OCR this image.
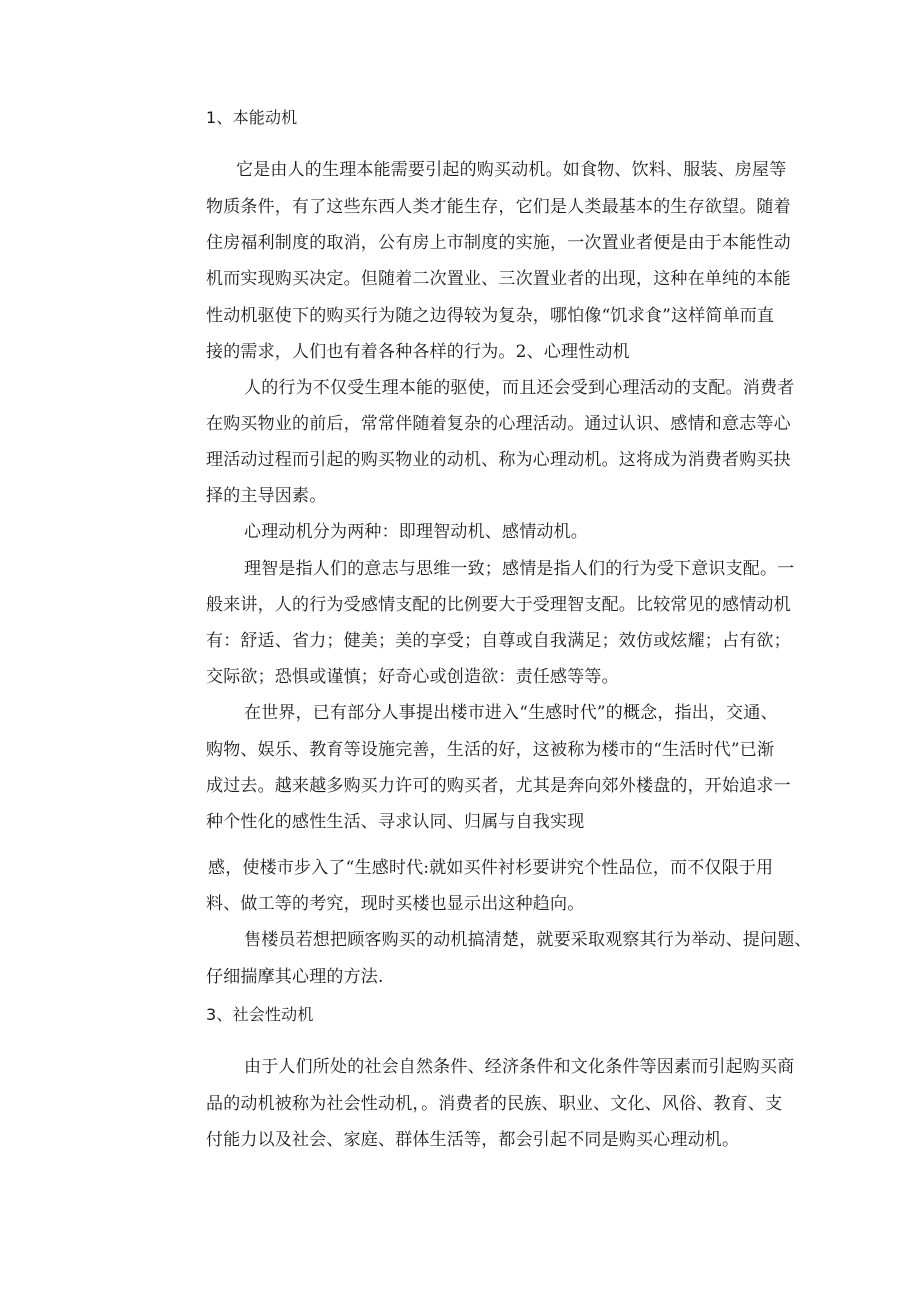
1、本能动机
它是由人的生理本能需要引起的购买动机。如食物、饮料、服装、房屋等
物质条件，有了这些东西人类才能生存，它们是人类最基本的生存欲望。随着
住房福利制度的取消，公有房上市制度的实施，一次置业者便是由于本能性动
机而实现购买决定。但随着二次置业、三次置业者的出现，这种在单纯的本能
性动机驱使下的购买行为随之边得较为复杂，哪怕像“饥求食”这样简单而直
接的需求，人们也有着各种各样的行为。2、心理性动机
人的行为不仅受生理本能的驱使，而且还会受到心理活动的支配。消费者
在购买物业的前后，常常伴随着复杂的心理活动。通过认识、感情和意志等心
理活动过程而引起的购买物业的动机、称为心理动机。这将成为消费者购买抉
择的主导因素。
心理动机分为两种：即理智动机、感情动机。
理智是指人们的意志与思维一致；感情是指人们的行为受下意识支配。一
般来讲，人的行为受感情支配的比例要大于受理智支配。比较常见的感情动机
有：舒适、省力；健美；美的享受；自尊或自我满足；效仿或炫耀；占有欲；
交际欲；恐惧或谨慎；好奇心或创造欲：责任感等等。
在世界，已有部分人事提出楼市进入“生感时代”的概念，指出，交通、
购物、娱乐、教育等设施完善，生活的好，这被称为楼市的“生活时代”已渐
成过去。越来越多购买力许可的购买者，尤其是奔向郊外楼盘的，开始追求一
种个性化的感性生活、寻求认同、归属与自我实现
感，使楼市步入了“生感时代:就如买件衬杉要讲究个性品位，而不仅限于用
料、做工等的考究，现时买楼也显示出这种趋向。
售楼员若想把顾客购买的动机搞清楚，就要采取观察其行为举动、提问题、
仔细揣摩其心理的方法.
3、社会性动机
由于人们所处的社会自然条件、经济条件和文化条件等因素而引起购买商
品的动机被称为社会性动机，。消费者的民族、职业、文化、风俗、教育、支
付能力以及社会、家庭、群体生活等，都会引起不同是购买心理动机。
